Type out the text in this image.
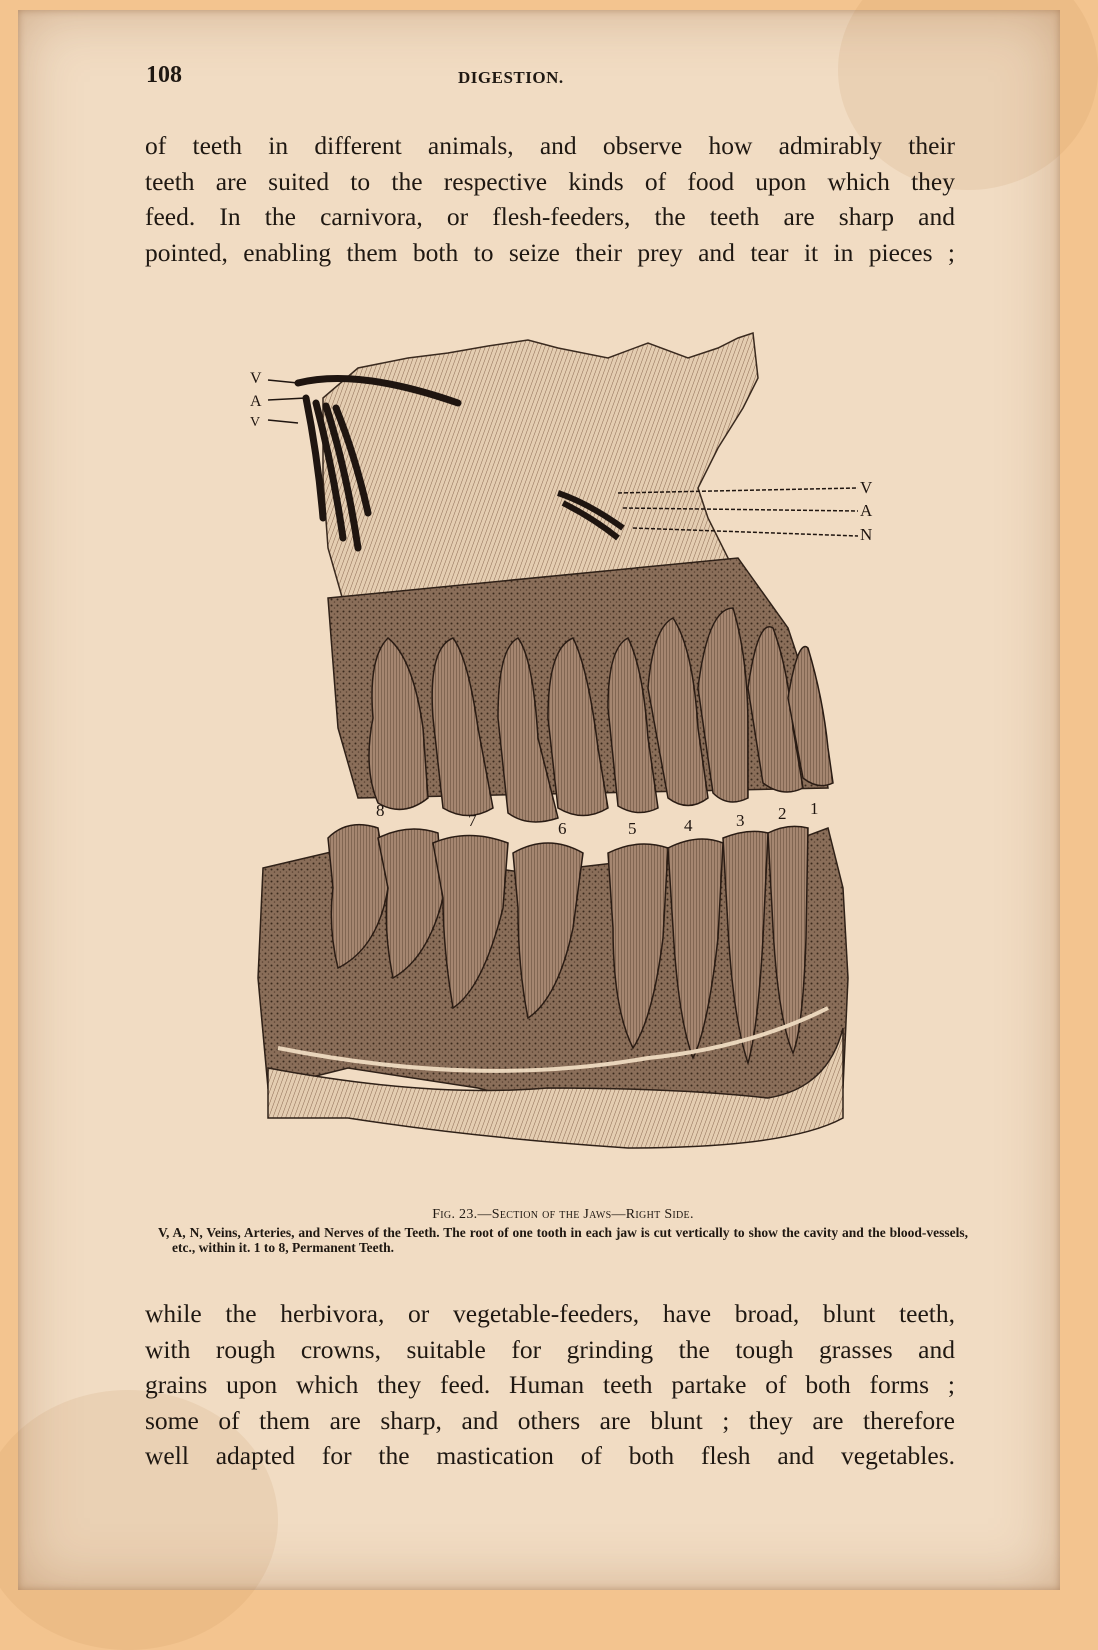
108	DIGESTION.
of teeth in different animals, and observe how admirably their
teeth are suited to the respective kinds of food upon which they
feed. In the carnivora, or flesh-feeders, the teeth are sharp and
pointed, enabling them both to seize their prey and tear it in pieces ;
V
A
V
V
A
N
8
7	6	5	4	3 2 1
Fig. 23.—Section of the Jaws—Right Side.
V, A, N, Veins, Arteries, and Nerves of the Teeth. The root of one tooth in each jaw is cut vertically to show the cavity and the blood-vessels, etc., within it. 1 to 8, Permanent Teeth.
while the herbivora, or vegetable-feeders, have broad, blunt teeth,
with rough crowns, suitable for grinding the tough grasses and
grains upon which they feed. Human teeth partake of both forms ;
some of them are sharp, and others are blunt ; they are therefore
well adapted for the mastication of both flesh and vegetables.
